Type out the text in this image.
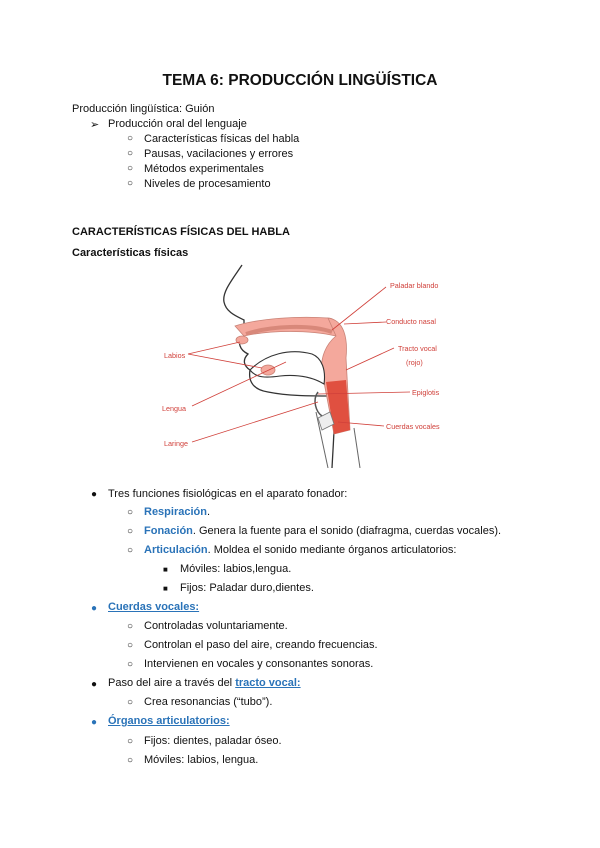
TEMA 6: PRODUCCIÓN LINGÜÍSTICA
Producción lingüística: Guión
➢ Producción oral del lenguaje
○ Características físicas del habla
○ Pausas, vacilaciones y errores
○ Métodos experimentales
○ Niveles de procesamiento
CARACTERÍSTICAS FÍSICAS DEL HABLA
Características físicas
Labios
Lengua
Laringe
Paladar blando
Conducto nasal
Tracto vocal
(rojo)
Epiglotis
Cuerdas vocales
● Tres funciones fisiológicas en el aparato fonador:
○ Respiración.
○ Fonación. Genera la fuente para el sonido (diafragma, cuerdas vocales).
○ Articulación. Moldea el sonido mediante órganos articulatorios:
■ Móviles: labios,lengua.
■ Fijos: Paladar duro,dientes.
● Cuerdas vocales:
○ Controladas voluntariamente.
○ Controlan el paso del aire, creando frecuencias.
○ Intervienen en vocales y consonantes sonoras.
● Paso del aire a través del tracto vocal:
○ Crea resonancias (“tubo”).
● Órganos articulatorios:
○ Fijos: dientes, paladar óseo.
○ Móviles: labios, lengua.
